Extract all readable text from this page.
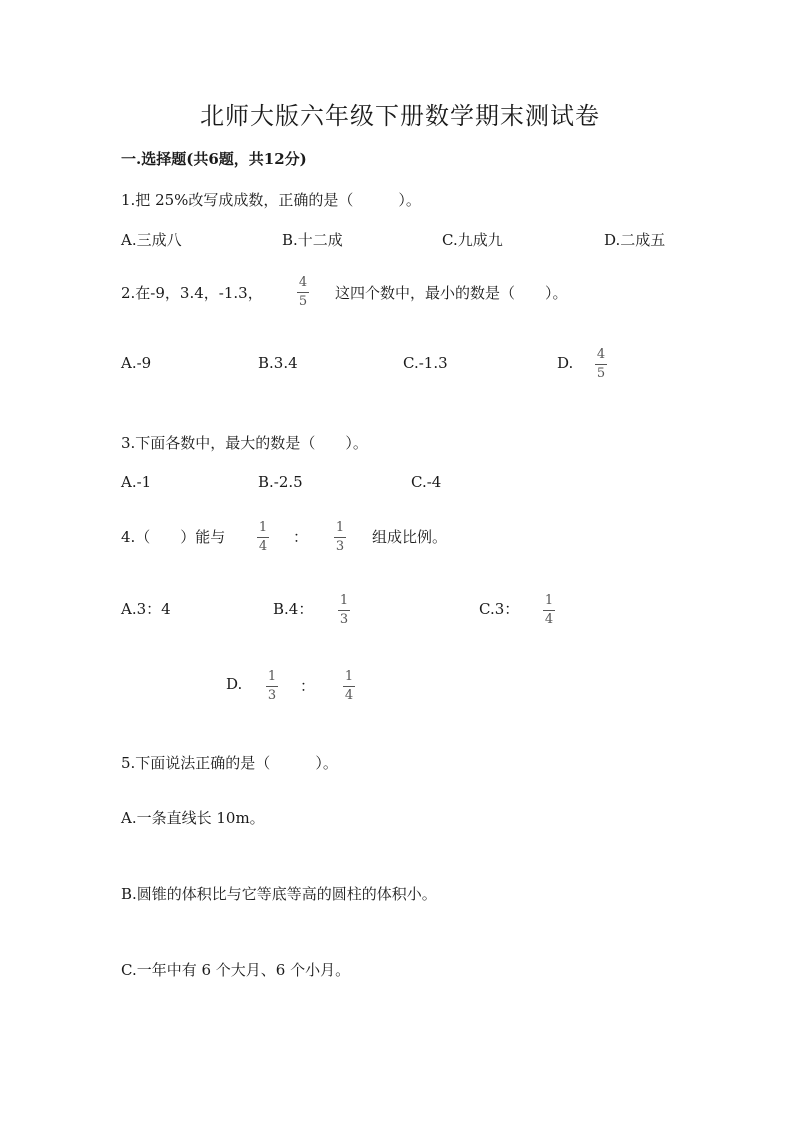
北师大版六年级下册数学期末测试卷
一.选择题(共6题，共12分)
1.把 25%改写成成数，正确的是（　　　）。
A.三成八	B.十二成	C.九成九	D.二成五
2.在-9，3.4，-1.3，
4
5 这四个数中，最小的数是（　　）。
A.-9	B.3.4	C.-1.3	D. 4
5
3.下面各数中，最大的数是（　　）。
A.-1	B.-2.5	C.-4
4.（　　）能与
1
4
：
1
3
组成比例。
A.3：4	B.4： 1
3
C.3： 1
4
D. 1
3
：
1
4
5.下面说法正确的是（　　　）。
A.一条直线长 10m。
B.圆锥的体积比与它等底等高的圆柱的体积小。
C.一年中有 6 个大月、6 个小月。
